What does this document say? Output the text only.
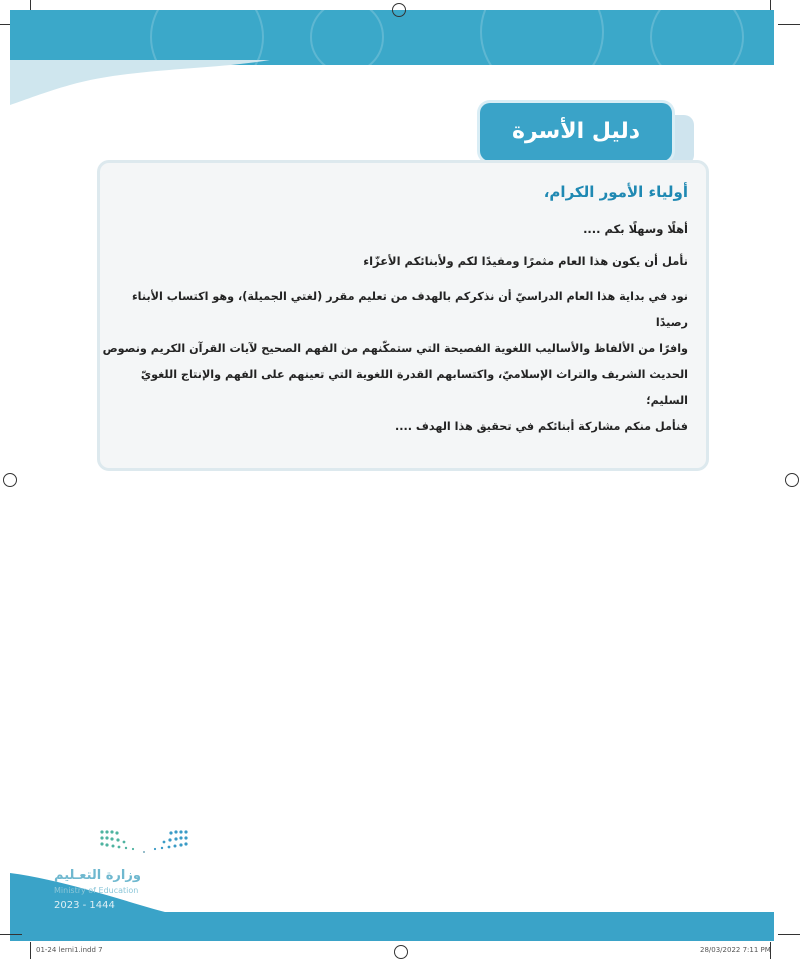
دليل الأسرة
أولياء الأمور الكرام،
أهلًا وسهلًا بكم ....
نأمل أن يكون هذا العام مثمرًا ومفيدًا لكم ولأبنائكم الأعزّاء
نود في بداية هذا العام الدراسيّ أن نذكركم بالهدف من تعليم مقرر (لغتي الجميلة)، وهو اكتساب الأبناء رصيدًا
وافرًا من الألفاظ والأساليب اللغوية الفصيحة التي ستمكّنهم من الفهم الصحيح لآيات القرآن الكريم ونصوص
الحديث الشريف والتراث الإسلاميّ، واكتسابهم القدرة اللغوية التي تعينهم على الفهم والإنتاج اللغويّ السليم؛
فنأمل منكم مشاركة أبنائكم في تحقيق هذا الهدف ....
وزارة التعـليم
Ministry of Education
2023 - 1444
01-24 lerni1.indd 7	28/03/2022 7:11 PM
